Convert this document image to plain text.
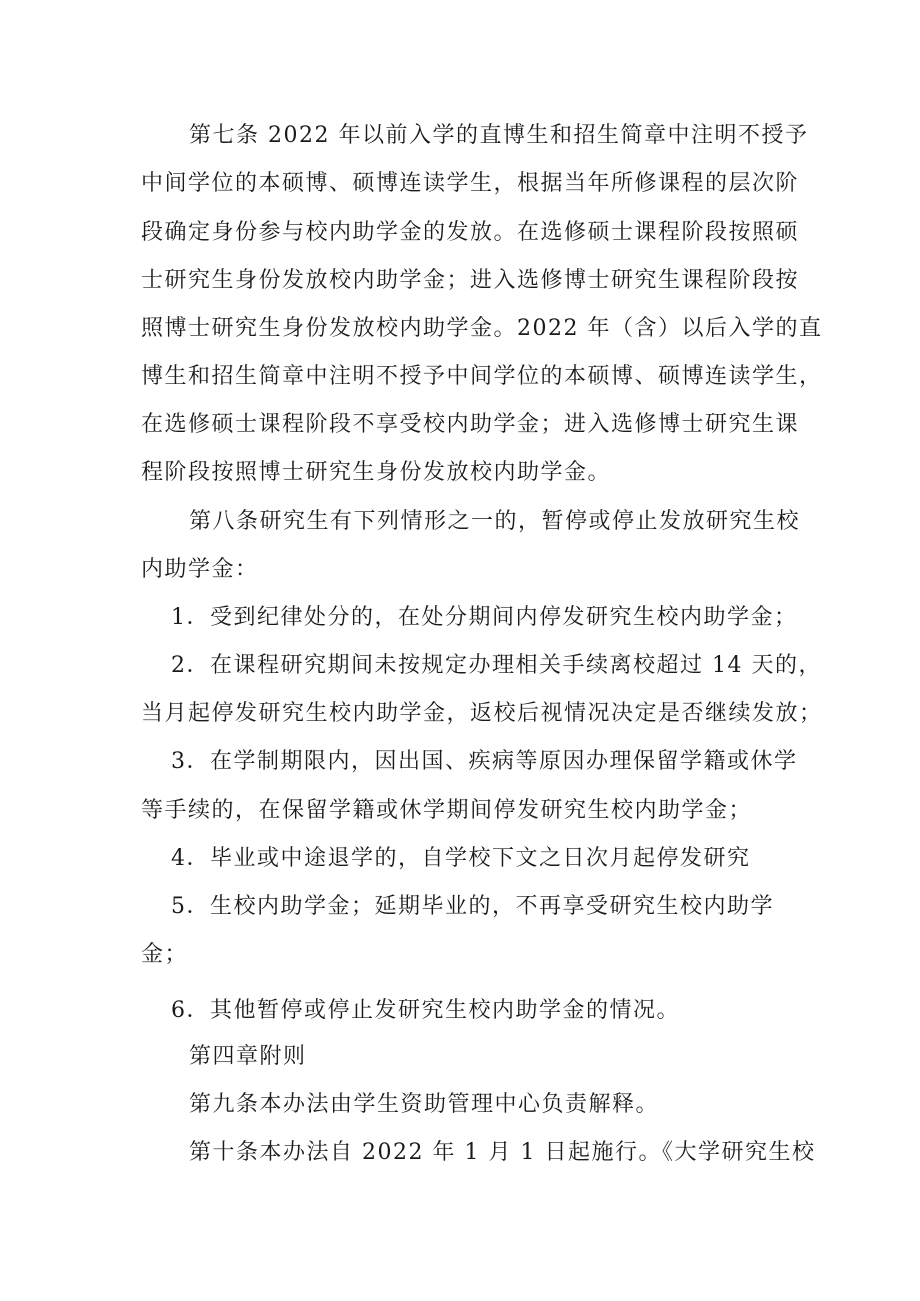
第七条 2022 年以前入学的直博生和招生简章中注明不授予
中间学位的本硕博、硕博连读学生，根据当年所修课程的层次阶
段确定身份参与校内助学金的发放。在选修硕士课程阶段按照硕
士研究生身份发放校内助学金；进入选修博士研究生课程阶段按
照博士研究生身份发放校内助学金。2022 年（含）以后入学的直
博生和招生简章中注明不授予中间学位的本硕博、硕博连读学生，
在选修硕士课程阶段不享受校内助学金；进入选修博士研究生课
程阶段按照博士研究生身份发放校内助学金。
第八条研究生有下列情形之一的，暂停或停止发放研究生校
内助学金：
1．受到纪律处分的，在处分期间内停发研究生校内助学金；
2．在课程研究期间未按规定办理相关手续离校超过 14 天的，
当月起停发研究生校内助学金，返校后视情况决定是否继续发放；
3．在学制期限内，因出国、疾病等原因办理保留学籍或休学
等手续的，在保留学籍或休学期间停发研究生校内助学金；
4．毕业或中途退学的，自学校下文之日次月起停发研究
5．生校内助学金；延期毕业的，不再享受研究生校内助学
金；
6．其他暂停或停止发研究生校内助学金的情况。
第四章附则
第九条本办法由学生资助管理中心负责解释。
第十条本办法自 2022 年 1 月 1 日起施行。《大学研究生校
